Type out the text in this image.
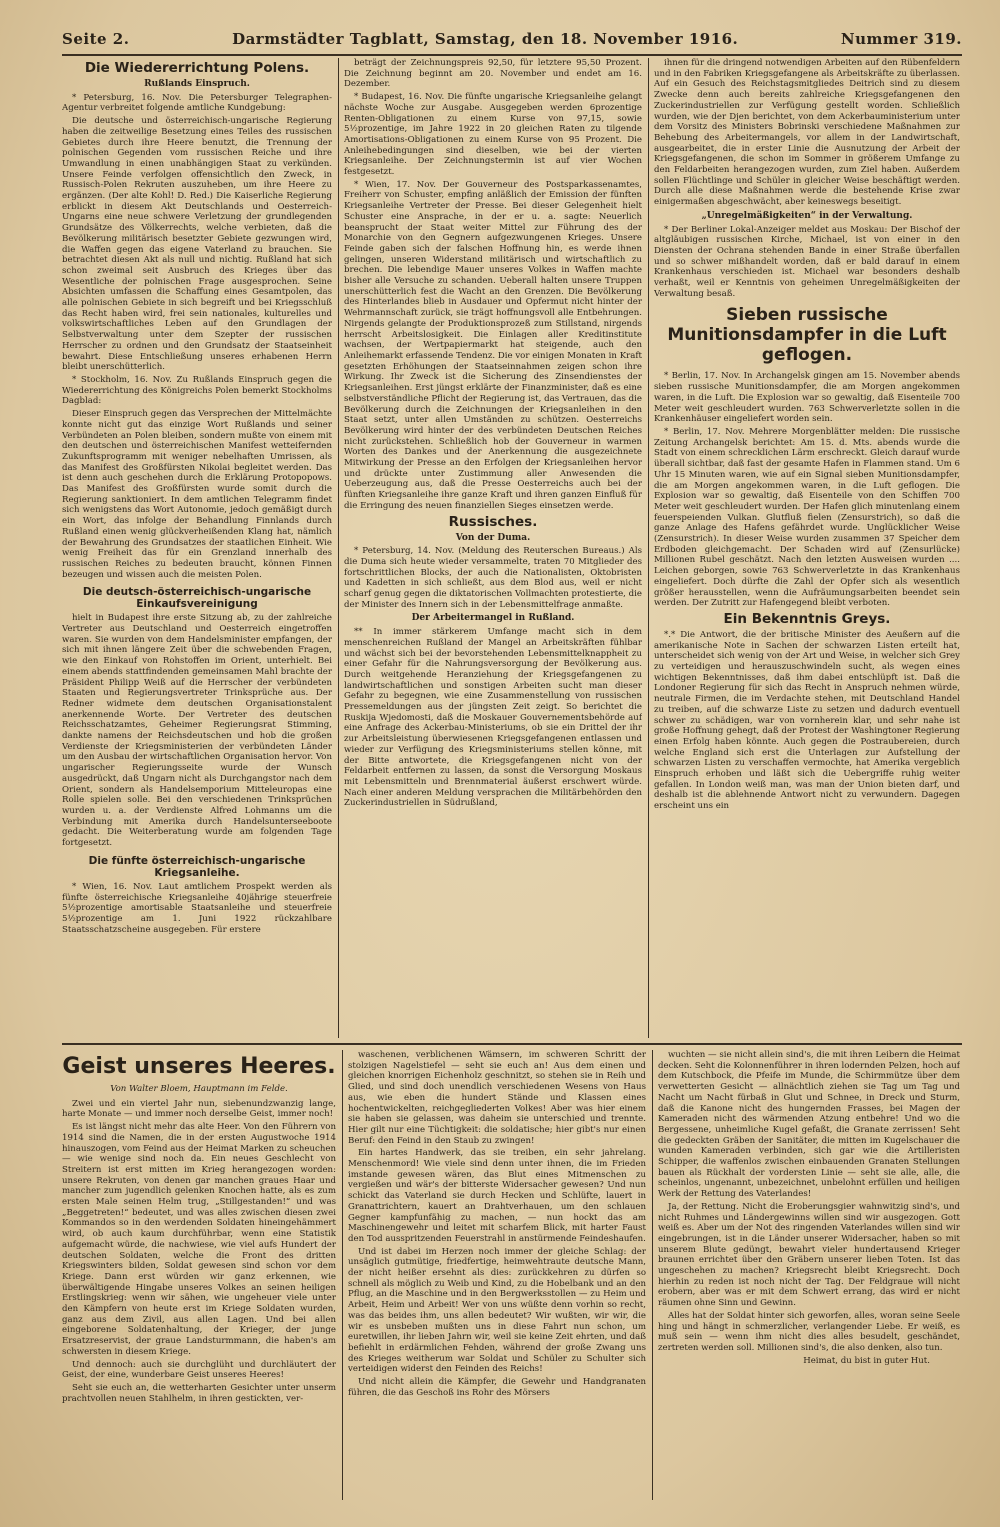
Seite 2.	Darmstädter Tagblatt, Samstag, den 18. November 1916.	Nummer 319.
Die Wiedererrichtung Polens.
Rußlands Einspruch.

* Petersburg, 16. Nov. Die Petersburger Telegraphen-Agentur verbreitet folgende amtliche Kundgebung:

Die deutsche und österreichisch-ungarische Regierung haben die zeitweilige Besetzung eines Teiles des russischen Gebietes durch ihre Heere benutzt, die Trennung der polnischen Gegenden vom russischen Reiche und ihre Umwandlung in einen unabhängigen Staat zu verkünden. Unsere Feinde verfolgen offensichtlich den Zweck, in Russisch-Polen Rekruten auszuheben, um ihre Heere zu ergänzen. (Der alte Kohl! D. Red.) Die Kaiserliche Regierung erblickt in diesem Akt Deutschlands und Oesterreich-Ungarns eine neue schwere Verletzung der grundlegenden Grundsätze des Völkerrechts, welche verbieten, daß die Bevölkerung militärisch besetzter Gebiete gezwungen wird, die Waffen gegen das eigene Vaterland zu brauchen. Sie betrachtet diesen Akt als null und nichtig. Rußland hat sich schon zweimal seit Ausbruch des Krieges über das Wesentliche der polnischen Frage ausgesprochen. Seine Absichten umfassen die Schaffung eines Gesamtpolen, das alle polnischen Gebiete in sich begreift und bei Kriegsschluß das Recht haben wird, frei sein nationales, kulturelles und volkswirtschaftliches Leben auf den Grundlagen der Selbstverwaltung unter dem Szepter der russischen Herrscher zu ordnen und den Grundsatz der Staatseinheit bewahrt. Diese Entschließung unseres erhabenen Herrn bleibt unerschütterlich.

* Stockholm, 16. Nov. Zu Rußlands Einspruch gegen die Wiedererrichtung des Königreichs Polen bemerkt Stockholms Dagblad:

Dieser Einspruch gegen das Versprechen der Mittelmächte konnte nicht gut das einzige Wort Rußlands und seiner Verbündeten an Polen bleiben, sondern mußte von einem mit den deutschen und österreichischen Manifest wetteifernden Zukunftsprogramm mit weniger nebelhaften Umrissen, als das Manifest des Großfürsten Nikolai begleitet werden. Das ist denn auch geschehen durch die Erklärung Protopopows. Das Manifest des Großfürsten wurde somit durch die Regierung sanktioniert. In dem amtlichen Telegramm findet sich wenigstens das Wort Autonomie, jedoch gemäßigt durch ein Wort, das infolge der Behandlung Finnlands durch Rußland einen wenig glückverheißenden Klang hat, nämlich der Bewahrung des Grundsatzes der staatlichen Einheit. Wie wenig Freiheit das für ein Grenzland innerhalb des russischen Reiches zu bedeuten braucht, können Finnen bezeugen und wissen auch die meisten Polen.

Die deutsch-österreichisch-ungarische Einkaufsvereinigung

hielt in Budapest ihre erste Sitzung ab, zu der zahlreiche Vertreter aus Deutschland und Oesterreich eingetroffen waren. Sie wurden von dem Handelsminister empfangen, der sich mit ihnen längere Zeit über die schwebenden Fragen, wie den Einkauf von Rohstoffen im Orient, unterhielt. Bei einem abends stattfindenden gemeinsamen Mahl brachte der Präsident Philipp Weiß auf die Herrscher der verbündeten Staaten und Regierungsvertreter Trinksprüche aus. Der Redner widmete dem deutschen Organisationstalent anerkennende Worte. Der Vertreter des deutschen Reichsschatzamtes, Geheimer Regierungsrat Stimming, dankte namens der Reichsdeutschen und hob die großen Verdienste der Kriegsministerien der verbündeten Länder um den Ausbau der wirtschaftlichen Organisation hervor. Von ungarischer Regierungsseite wurde der Wunsch ausgedrückt, daß Ungarn nicht als Durchgangstor nach dem Orient, sondern als Handelsemporium Mitteleuropas eine Rolle spielen solle. Bei den verschiedenen Trinksprüchen wurden u. a. der Verdienste Alfred Lohmanns um die Verbindung mit Amerika durch Handelsunterseeboote gedacht. Die Weiterberatung wurde am folgenden Tage fortgesetzt.

Die fünfte österreichisch-ungarische Kriegsanleihe.

* Wien, 16. Nov. Laut amtlichem Prospekt werden als fünfte österreichische Kriegsanleihe 40jährige steuerfreie 5½prozentige amortisable Staatsanleihe und steuerfreie 5½prozentige am 1. Juni 1922 rückzahlbare Staatsschatzscheine ausgegeben. Für erstere

beträgt der Zeichnungspreis 92,50, für letztere 95,50 Prozent. Die Zeichnung beginnt am 20. November und endet am 16. Dezember.

* Budapest, 16. Nov. Die fünfte ungarische Kriegsanleihe gelangt nächste Woche zur Ausgabe. Ausgegeben werden 6prozentige Renten-Obligationen zu einem Kurse von 97,15, sowie 5½prozentige, im Jahre 1922 in 20 gleichen Raten zu tilgende Amortisations-Obligationen zu einem Kurse von 95 Prozent. Die Anleihebedingungen sind dieselben, wie bei der vierten Kriegsanleihe. Der Zeichnungstermin ist auf vier Wochen festgesetzt.

* Wien, 17. Nov. Der Gouverneur des Postsparkassenamtes, Freiherr von Schuster, empfing anläßlich der Emission der fünften Kriegsanleihe Vertreter der Presse. Bei dieser Gelegenheit hielt Schuster eine Ansprache, in der er u. a. sagte: Neuerlich beansprucht der Staat weiter Mittel zur Führung des der Monarchie von den Gegnern aufgezwungenen Krieges. Unsere Feinde gaben sich der falschen Hoffnung hin, es werde ihnen gelingen, unseren Widerstand militärisch und wirtschaftlich zu brechen. Die lebendige Mauer unseres Volkes in Waffen machte bisher alle Versuche zu schanden. Ueberall halten unsere Truppen unerschütterlich fest die Wacht an den Grenzen. Die Bevölkerung des Hinterlandes blieb in Ausdauer und Opfermut nicht hinter der Wehrmannschaft zurück, sie trägt hoffnungsvoll alle Entbehrungen. Nirgends gelangte der Produktionsprozeß zum Stillstand, nirgends herrscht Arbeitslosigkeit. Die Einlagen aller Kreditinstitute wachsen, der Wertpapiermarkt hat steigende, auch den Anleihemarkt erfassende Tendenz. Die vor einigen Monaten in Kraft gesetzten Erhöhungen der Staatseinnahmen zeigen schon ihre Wirkung. Ihr Zweck ist die Sicherung des Zinsendienstes der Kriegsanleihen. Erst jüngst erklärte der Finanzminister, daß es eine selbstverständliche Pflicht der Regierung ist, das Vertrauen, das die Bevölkerung durch die Zeichnungen der Kriegsanleihen in den Staat setzt, unter allen Umständen zu schützen. Oesterreichs Bevölkerung wird hinter der des verbündeten Deutschen Reiches nicht zurückstehen. Schließlich hob der Gouverneur in warmen Worten des Dankes und der Anerkennung die ausgezeichnete Mitwirkung der Presse an den Erfolgen der Kriegsanleihen hervor und drückte unter Zustimmung aller Anwesenden die Ueberzeugung aus, daß die Presse Oesterreichs auch bei der fünften Kriegsanleihe ihre ganze Kraft und ihren ganzen Einfluß für die Erringung des neuen finanziellen Sieges einsetzen werde.

Russisches.
Von der Duma.

* Petersburg, 14. Nov. (Meldung des Reuterschen Bureaus.) Als die Duma sich heute wieder versammelte, traten 70 Mitglieder des fortschrittlichen Blocks, der auch die Nationalisten, Oktobristen und Kadetten in sich schließt, aus dem Blod aus, weil er nicht scharf genug gegen die diktatorischen Vollmachten protestierte, die der Minister des Innern sich in der Lebensmittelfrage anmaßte.

Der Arbeitermangel in Rußland.

** In immer stärkerem Umfange macht sich in dem menschenreichen Rußland der Mangel an Arbeitskräften fühlbar und wächst sich bei der bevorstehenden Lebensmittelknappheit zu einer Gefahr für die Nahrungsversorgung der Bevölkerung aus. Durch weitgehende Heranziehung der Kriegsgefangenen zu landwirtschaftlichen und sonstigen Arbeiten sucht man dieser Gefahr zu begegnen, wie eine Zusammenstellung von russischen Pressemeldungen aus der jüngsten Zeit zeigt. So berichtet die Ruskija Wjedomosti, daß die Moskauer Gouvernementsbehörde auf eine Anfrage des Ackerbau-Ministeriums, ob sie ein Drittel der ihr zur Arbeitsleistung überwiesenen Kriegsgefangenen entlassen und wieder zur Verfügung des Kriegsministeriums stellen könne, mit der Bitte antwortete, die Kriegsgefangenen nicht von der Feldarbeit entfernen zu lassen, da sonst die Versorgung Moskaus mit Lebensmitteln und Brennmaterial äußerst erschwert würde. Nach einer anderen Meldung versprachen die Militärbehörden den Zuckerindustriellen in Südrußland,

ihnen für die dringend notwendigen Arbeiten auf den Rübenfeldern und in den Fabriken Kriegsgefangene als Arbeitskräfte zu überlassen. Auf ein Gesuch des Reichstagsmitgliedes Deitrich sind zu diesem Zwecke denn auch bereits zahlreiche Kriegsgefangenen den Zuckerindustriellen zur Verfügung gestellt worden. Schließlich wurden, wie der Djen berichtet, von dem Ackerbauministerium unter dem Vorsitz des Ministers Bobrinski verschiedene Maßnahmen zur Behebung des Arbeitermangels, vor allem in der Landwirtschaft, ausgearbeitet, die in erster Linie die Ausnutzung der Arbeit der Kriegsgefangenen, die schon im Sommer in größerem Umfange zu den Feldarbeiten herangezogen wurden, zum Ziel haben. Außerdem sollen Flüchtlinge und Schüler in gleicher Weise beschäftigt werden. Durch alle diese Maßnahmen werde die bestehende Krise zwar einigermaßen abgeschwächt, aber keineswegs beseitigt.

„Unregelmäßigkeiten“ in der Verwaltung.

* Der Berliner Lokal-Anzeiger meldet aus Moskau: Der Bischof der altgläubigen russischen Kirche, Michael, ist von einer in den Diensten der Ochrana stehenden Bande in einer Straße überfallen und so schwer mißhandelt worden, daß er bald darauf in einem Krankenhaus verschieden ist. Michael war besonders deshalb verhaßt, weil er Kenntnis von geheimen Unregelmäßigkeiten der Verwaltung besaß.

Sieben russische Munitionsdampfer in die Luft geflogen.

* Berlin, 17. Nov. In Archangelsk gingen am 15. November abends sieben russische Munitionsdampfer, die am Morgen angekommen waren, in die Luft. Die Explosion war so gewaltig, daß Eisenteile 700 Meter weit geschleudert wurden. 763 Schwerverletzte sollen in die Krankenhäuser eingeliefert worden sein.

* Berlin, 17. Nov. Mehrere Morgenblätter melden: Die russische Zeitung Archangelsk berichtet: Am 15. d. Mts. abends wurde die Stadt von einem schrecklichen Lärm erschreckt. Gleich darauf wurde überall sichtbar, daß fast der gesamte Hafen in Flammen stand. Um 6 Uhr 15 Minuten waren, wie auf ein Signal sieben Munitionsdampfer, die am Morgen angekommen waren, in die Luft geflogen. Die Explosion war so gewaltig, daß Eisenteile von den Schiffen 700 Meter weit geschleudert wurden. Der Hafen glich minutenlang einem feuerspeienden Vulkan. Glutfluß fielen (Zensurstrich), so daß die ganze Anlage des Hafens gefährdet wurde. Unglücklicher Weise (Zensurstrich). In dieser Weise wurden zusammen 37 Speicher dem Erdboden gleichgemacht. Der Schaden wird auf (Zensurlücke) Millionen Rubel geschätzt. Nach den letzten Ausweisen wurden .... Leichen geborgen, sowie 763 Schwerverletzte in das Krankenhaus eingeliefert. Doch dürfte die Zahl der Opfer sich als wesentlich größer herausstellen, wenn die Aufräumungsarbeiten beendet sein werden. Der Zutritt zur Hafengegend bleibt verboten.

Ein Bekenntnis Greys.

*.* Die Antwort, die der britische Minister des Aeußern auf die amerikanische Note in Sachen der schwarzen Listen erteilt hat, unterscheidet sich wenig von der Art und Weise, in welcher sich Grey zu verteidigen und herauszuschwindeln sucht, als wegen eines wichtigen Bekenntnisses, daß ihm dabei entschlüpft ist. Daß die Londoner Regierung für sich das Recht in Anspruch nehmen würde, neutrale Firmen, die im Verdachte stehen, mit Deutschland Handel zu treiben, auf die schwarze Liste zu setzen und dadurch eventuell schwer zu schädigen, war von vornherein klar, und sehr nahe ist große Hoffnung gehegt, daß der Protest der Washingtoner Regierung einen Erfolg haben könnte. Auch gegen die Postraubereien, durch welche England sich erst die Unterlagen zur Aufstellung der schwarzen Listen zu verschaffen vermochte, hat Amerika vergeblich Einspruch erhoben und läßt sich die Uebergriffe ruhig weiter gefallen. In London weiß man, was man der Union bieten darf, und deshalb ist die ablehnende Antwort nicht zu verwundern. Dagegen erscheint uns ein

Geist unseres Heeres.
Von Walter Bloem, Hauptmann im Felde.

Zwei und ein viertel Jahr nun, siebenundzwanzig lange, harte Monate — und immer noch derselbe Geist, immer noch!

Es ist längst nicht mehr das alte Heer. Von den Führern von 1914 sind die Namen, die in der ersten Augustwoche 1914 hinauszogen, vom Feind aus der Heimat Marken zu scheuchen — wie wenige sind noch da. Ein neues Geschlecht von Streitern ist erst mitten im Krieg herangezogen worden: unsere Rekruten, von denen gar manchen graues Haar und mancher zum jugendlich gelenken Knochen hatte, als es zum ersten Male seinen Helm trug, „Stillgestanden!“ und was „Beggetreten!“ bedeutet, und was alles zwischen diesen zwei Kommandos so in den werdenden Soldaten hineingehämmert wird, ob auch kaum durchführbar, wenn eine Statistik aufgemacht würde, die nachwiese, wie viel aufs Hundert der deutschen Soldaten, welche die Front des dritten Kriegswinters bilden, Soldat gewesen sind schon vor dem Kriege. Dann erst würden wir ganz erkennen, wie überwältigende Hingabe unseres Volkes an seinen heiligen Erstlingskrieg: wenn wir sähen, wie ungeheuer viele unter den Kämpfern von heute erst im Kriege Soldaten wurden, ganz aus dem Zivil, aus allen Lagen. Und bei allen eingeborene Soldatenhaltung, der Krieger, der junge Ersatzreservist, der graue Landsturmmann, die haben's am schwersten in diesem Kriege.

Und dennoch: auch sie durchglüht und durchläutert der Geist, der eine, wunderbare Geist unseres Heeres!

Seht sie euch an, die wetterharten Gesichter unter unserm prachtvollen neuen Stahlhelm, in ihren gestickten, ver-

waschenen, verblichenen Wämsern, im schweren Schritt der stolzigen Nagelstiefel — seht sie euch an! Aus dem einen und gleichen knorrigen Eichenholz geschnitzt, so stehen sie in Reih und Glied, und sind doch unendlich verschiedenen Wesens von Haus aus, wie eben die hundert Stände und Klassen eines hochentwickelten, reichgegliederten Volkes! Aber was hier einem sie haben sie gelassen, was daheim sie unterschied und trennte. Hier gilt nur eine Tüchtigkeit: die soldatische; hier gibt's nur einen Beruf: den Feind in den Staub zu zwingen!

Ein hartes Handwerk, das sie treiben, ein sehr jahrelang. Menschenmord! Wie viele sind denn unter ihnen, die im Frieden imstande gewesen wären, das Blut eines Mitmenschen zu vergießen und wär's der bitterste Widersacher gewesen? Und nun schickt das Vaterland sie durch Hecken und Schlüfte, lauert in Granattrichtern, kauert an Drahtverhauen, um den schlauen Gegner kampfunfähig zu machen, — nun hockt das am Maschinengewehr und leitet mit scharfem Blick, mit harter Faust den Tod ausspritzenden Feuerstrahl in anstürmende Feindeshaufen.

Und ist dabei im Herzen noch immer der gleiche Schlag: der unsäglich gutmütige, friedfertige, heimwehtraute deutsche Mann, der nicht heißer ersehnt als dies: zurückkehren zu dürfen so schnell als möglich zu Weib und Kind, zu die Hobelbank und an den Pflug, an die Maschine und in den Bergwerksstollen — zu Heim und Arbeit, Heim und Arbeit! Wer von uns wüßte denn vorhin so recht, was das beides ihm, uns allen bedeutet? Wir wußten, wir wir, die wir es unsbeben mußten uns in diese Fahrt nun schon, um euretwillen, ihr lieben Jahrn wir, weil sie keine Zeit ehrten, und daß befiehlt in erdärmlichen Fehden, während der große Zwang uns des Krieges weitherum war Soldat und Schüler zu Schulter sich verteidigen widerst den Feinden des Reichs!

Und nicht allein die Kämpfer, die Gewehr und Handgranaten führen, die das Geschoß ins Rohr des Mörsers

wuchten — sie nicht allein sind's, die mit ihren Leibern die Heimat decken. Seht die Kolonnenführer in ihren lodernden Pelzen, hoch auf dem Kutschbock, die Pfeife im Munde, die Schirmmütze über dem verwetterten Gesicht — allnächtlich ziehen sie Tag um Tag und Nacht um Nacht fürbaß in Glut und Schnee, in Dreck und Sturm, daß die Kanone nicht des hungernden Frasses, bei Magen der Kameraden nicht des wärmenden Atzung entbehre! Und wo die Bergessene, unheimliche Kugel gefaßt, die Granate zerrissen! Seht die gedeckten Gräben der Sanitäter, die mitten im Kugelschauer die wunden Kameraden verbinden, sich gar wie die Artilleristen Schipper, die waffenlos zwischen einbauenden Granaten Stellungen bauen als Rückhalt der vordersten Linie — seht sie alle, alle, die scheinlos, ungenannt, unbezeichnet, unbelohnt erfüllen und heiligen Werk der Rettung des Vaterlandes!

Ja, der Rettung. Nicht die Eroberungsgier wahnwitzig sind's, und nicht Ruhmes und Ländergewinns willen sind wir ausgezogen. Gott weiß es. Aber um der Not des ringenden Vaterlandes willen sind wir eingebrungen, ist in die Länder unserer Widersacher, haben so mit unserem Blute gedüngt, bewahrt vieler hundertausend Krieger braunen errichtet über den Gräbern unserer lieben Toten. Ist das ungeschehen zu machen? Kriegsrecht bleibt Kriegsrecht. Doch hierhin zu reden ist noch nicht der Tag. Der Feldgraue will nicht erobern, aber was er mit dem Schwert errang, das wird er nicht räumen ohne Sinn und Gewinn.

Alles hat der Soldat hinter sich geworfen, alles, woran seine Seele hing und hängt in schmerzlicher, verlangender Liebe. Er weiß, es muß sein — wenn ihm nicht dies alles besudelt, geschändet, zertreten werden soll. Millionen sind's, die also denken, also tun.

Heimat, du bist in guter Hut.
